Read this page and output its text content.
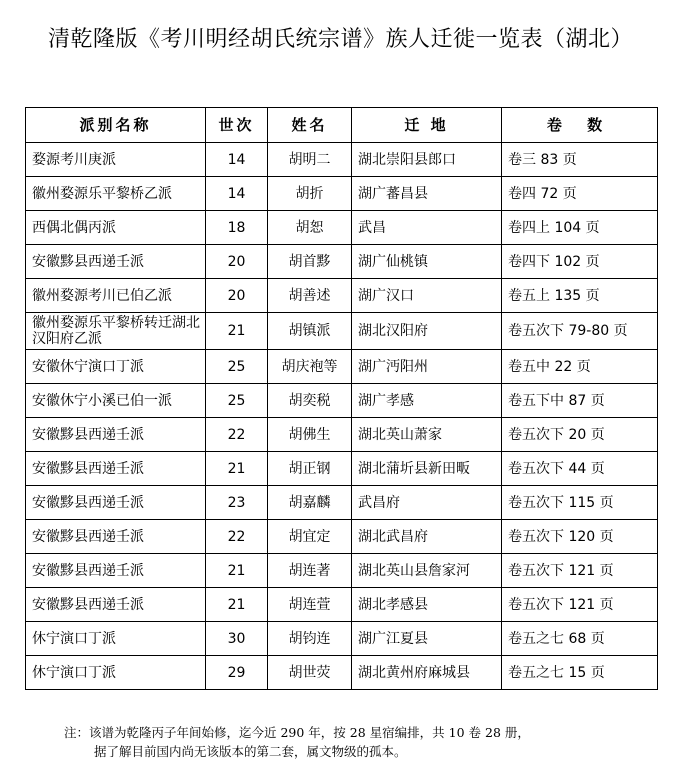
清乾隆版《考川明经胡氏统宗谱》族人迁徙一览表（湖北）
派别名称	世次	姓名	迁 地	卷 数
婺源考川庚派	14	胡明二	湖北崇阳县郎口	卷三 83 页
徽州婺源乐平黎桥乙派	14	胡折	湖广蕃昌县	卷四 72 页
西偶北偶丙派	18	胡恕	武昌	卷四上 104 页
安徽黟县西递壬派	20	胡首黟	湖广仙桃镇	卷四下 102 页
徽州婺源考川已伯乙派	20	胡善述	湖广汉口	卷五上 135 页
徽州婺源乐平黎桥转迁湖北汉阳府乙派	21	胡镇派	湖北汉阳府	卷五次下 79-80 页
安徽休宁演口丁派	25	胡庆袍等	湖广沔阳州	卷五中 22 页
安徽休宁小溪已伯一派	25	胡奕税	湖广孝感	卷五下中 87 页
安徽黟县西递壬派	22	胡佛生	湖北英山萧家	卷五次下 20 页
安徽黟县西递壬派	21	胡正钢	湖北蒲圻县新田畈	卷五次下 44 页
安徽黟县西递壬派	23	胡嘉麟	武昌府	卷五次下 115 页
安徽黟县西递壬派	22	胡宜定	湖北武昌府	卷五次下 120 页
安徽黟县西递壬派	21	胡连著	湖北英山县詹家河	卷五次下 121 页
安徽黟县西递壬派	21	胡连萱	湖北孝感县	卷五次下 121 页
休宁演口丁派	30	胡钧连	湖广江夏县	卷五之七 68 页
休宁演口丁派	29	胡世荧	湖北黄州府麻城县	卷五之七 15 页
注：该谱为乾隆丙子年间始修，迄今近 290 年，按 28 星宿编排，共 10 卷 28 册，
据了解目前国内尚无该版本的第二套，属文物级的孤本。
